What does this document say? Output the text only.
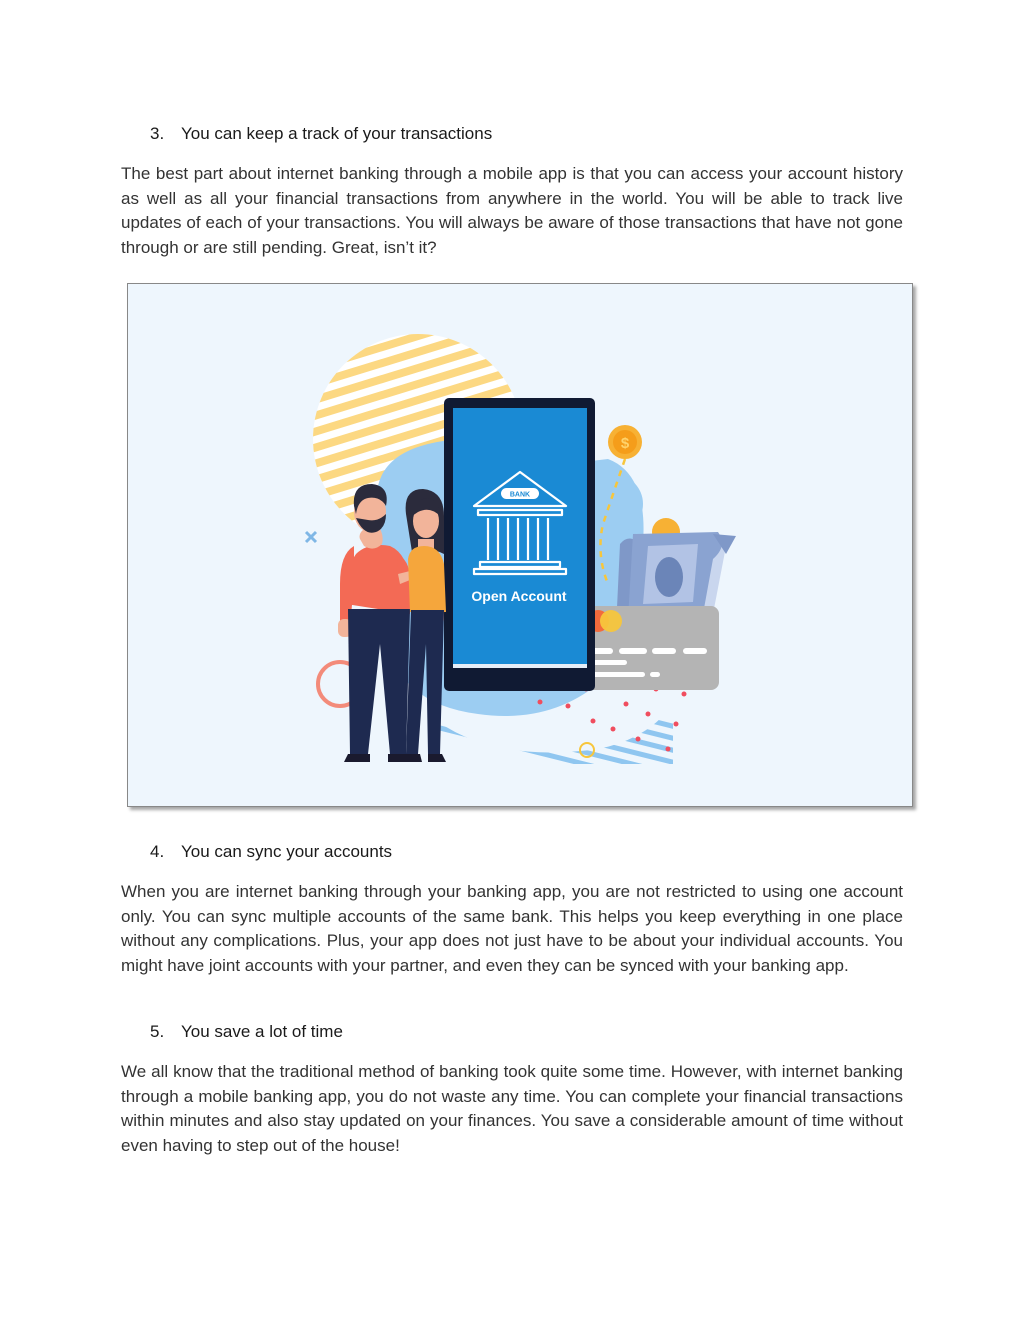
3. You can keep a track of your transactions

The best part about internet banking through a mobile app is that you can access your account history as well as all your financial transactions from anywhere in the world. You will be able to track live updates of each of your transactions. You will always be aware of those transactions that have not gone through or are still pending. Great, isn’t it?

$
BANK
Open Account
4. You can sync your accounts

When you are internet banking through your banking app, you are not restricted to using one account only. You can sync multiple accounts of the same bank. This helps you keep everything in one place without any complications. Plus, your app does not just have to be about your individual accounts. You might have joint accounts with your partner, and even they can be synced with your banking app.

5. You save a lot of time

We all know that the traditional method of banking took quite some time. However, with internet banking through a mobile banking app, you do not waste any time. You can complete your financial transactions within minutes and also stay updated on your finances. You save a considerable amount of time without even having to step out of the house!
